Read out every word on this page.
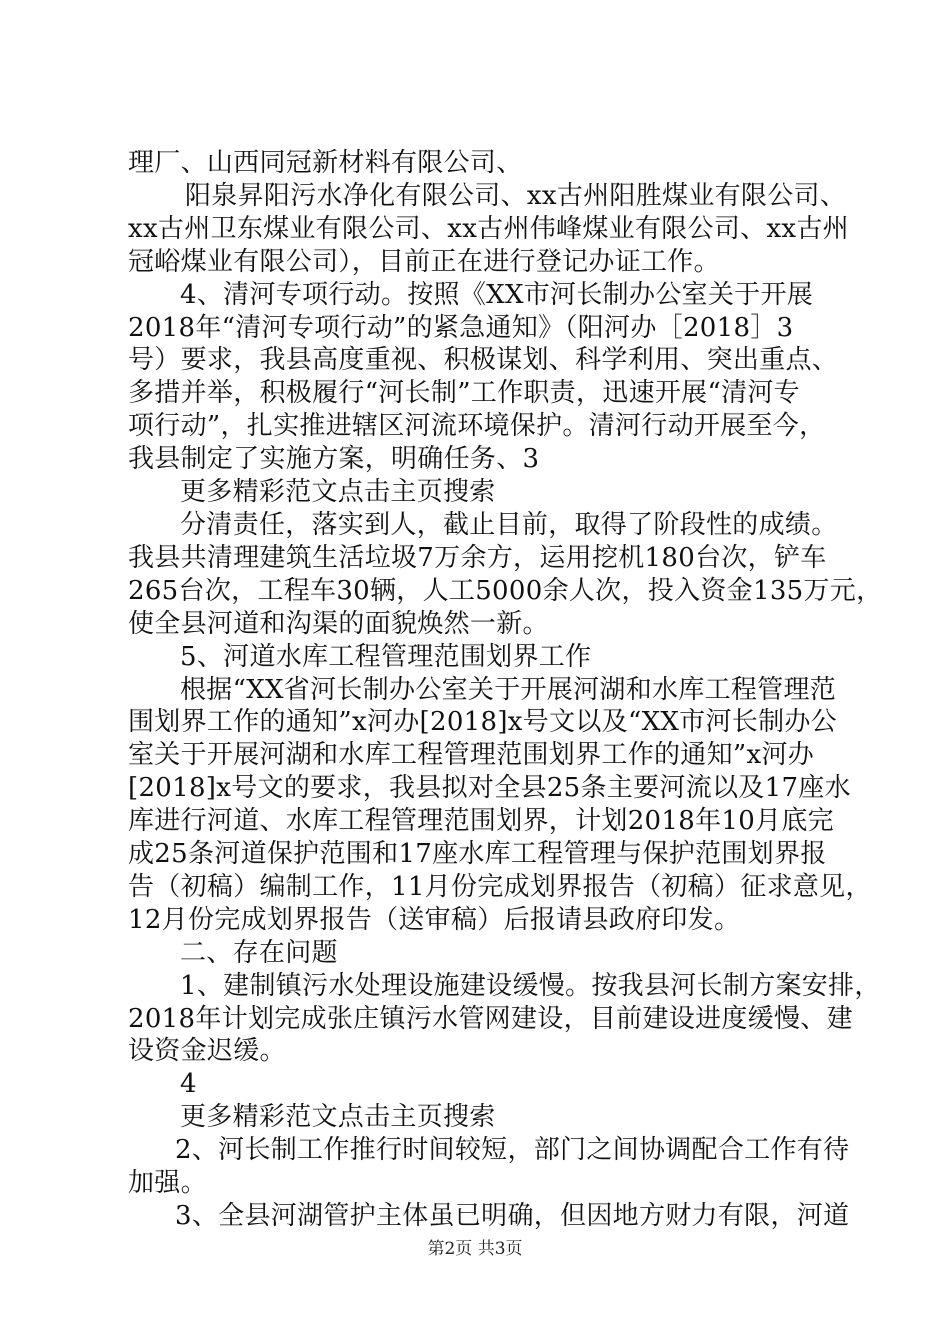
理厂、山西同冠新材料有限公司、
阳泉昇阳污水净化有限公司、xx古州阳胜煤业有限公司、
xx古州卫东煤业有限公司、xx古州伟峰煤业有限公司、xx古州
冠峪煤业有限公司），目前正在进行登记办证工作。
4、清河专项行动。按照《XX市河长制办公室关于开展
2018年“清河专项行动”的紧急通知》（阳河办［2018］3
号）要求，我县高度重视、积极谋划、科学利用、突出重点、
多措并举，积极履行“河长制”工作职责，迅速开展“清河专
项行动”，扎实推进辖区河流环境保护。清河行动开展至今，
我县制定了实施方案，明确任务、3
更多精彩范文点击主页搜索
分清责任，落实到人，截止目前，取得了阶段性的成绩。
我县共清理建筑生活垃圾7万余方，运用挖机180台次，铲车
265台次，工程车30辆，人工5000余人次，投入资金135万元，
使全县河道和沟渠的面貌焕然一新。
5、河道水库工程管理范围划界工作
根据“XX省河长制办公室关于开展河湖和水库工程管理范
围划界工作的通知”x河办[2018]x号文以及“XX市河长制办公
室关于开展河湖和水库工程管理范围划界工作的通知”x河办
[2018]x号文的要求，我县拟对全县25条主要河流以及17座水
库进行河道、水库工程管理范围划界，计划2018年10月底完
成25条河道保护范围和17座水库工程管理与保护范围划界报
告（初稿）编制工作，11月份完成划界报告（初稿）征求意见，
12月份完成划界报告（送审稿）后报请县政府印发。
二、存在问题
1、建制镇污水处理设施建设缓慢。按我县河长制方案安排，
2018年计划完成张庄镇污水管网建设，目前建设进度缓慢、建
设资金迟缓。
4
更多精彩范文点击主页搜索
2、河长制工作推行时间较短，部门之间协调配合工作有待
加强。
3、全县河湖管护主体虽已明确，但因地方财力有限，河道
第2页 共3页
